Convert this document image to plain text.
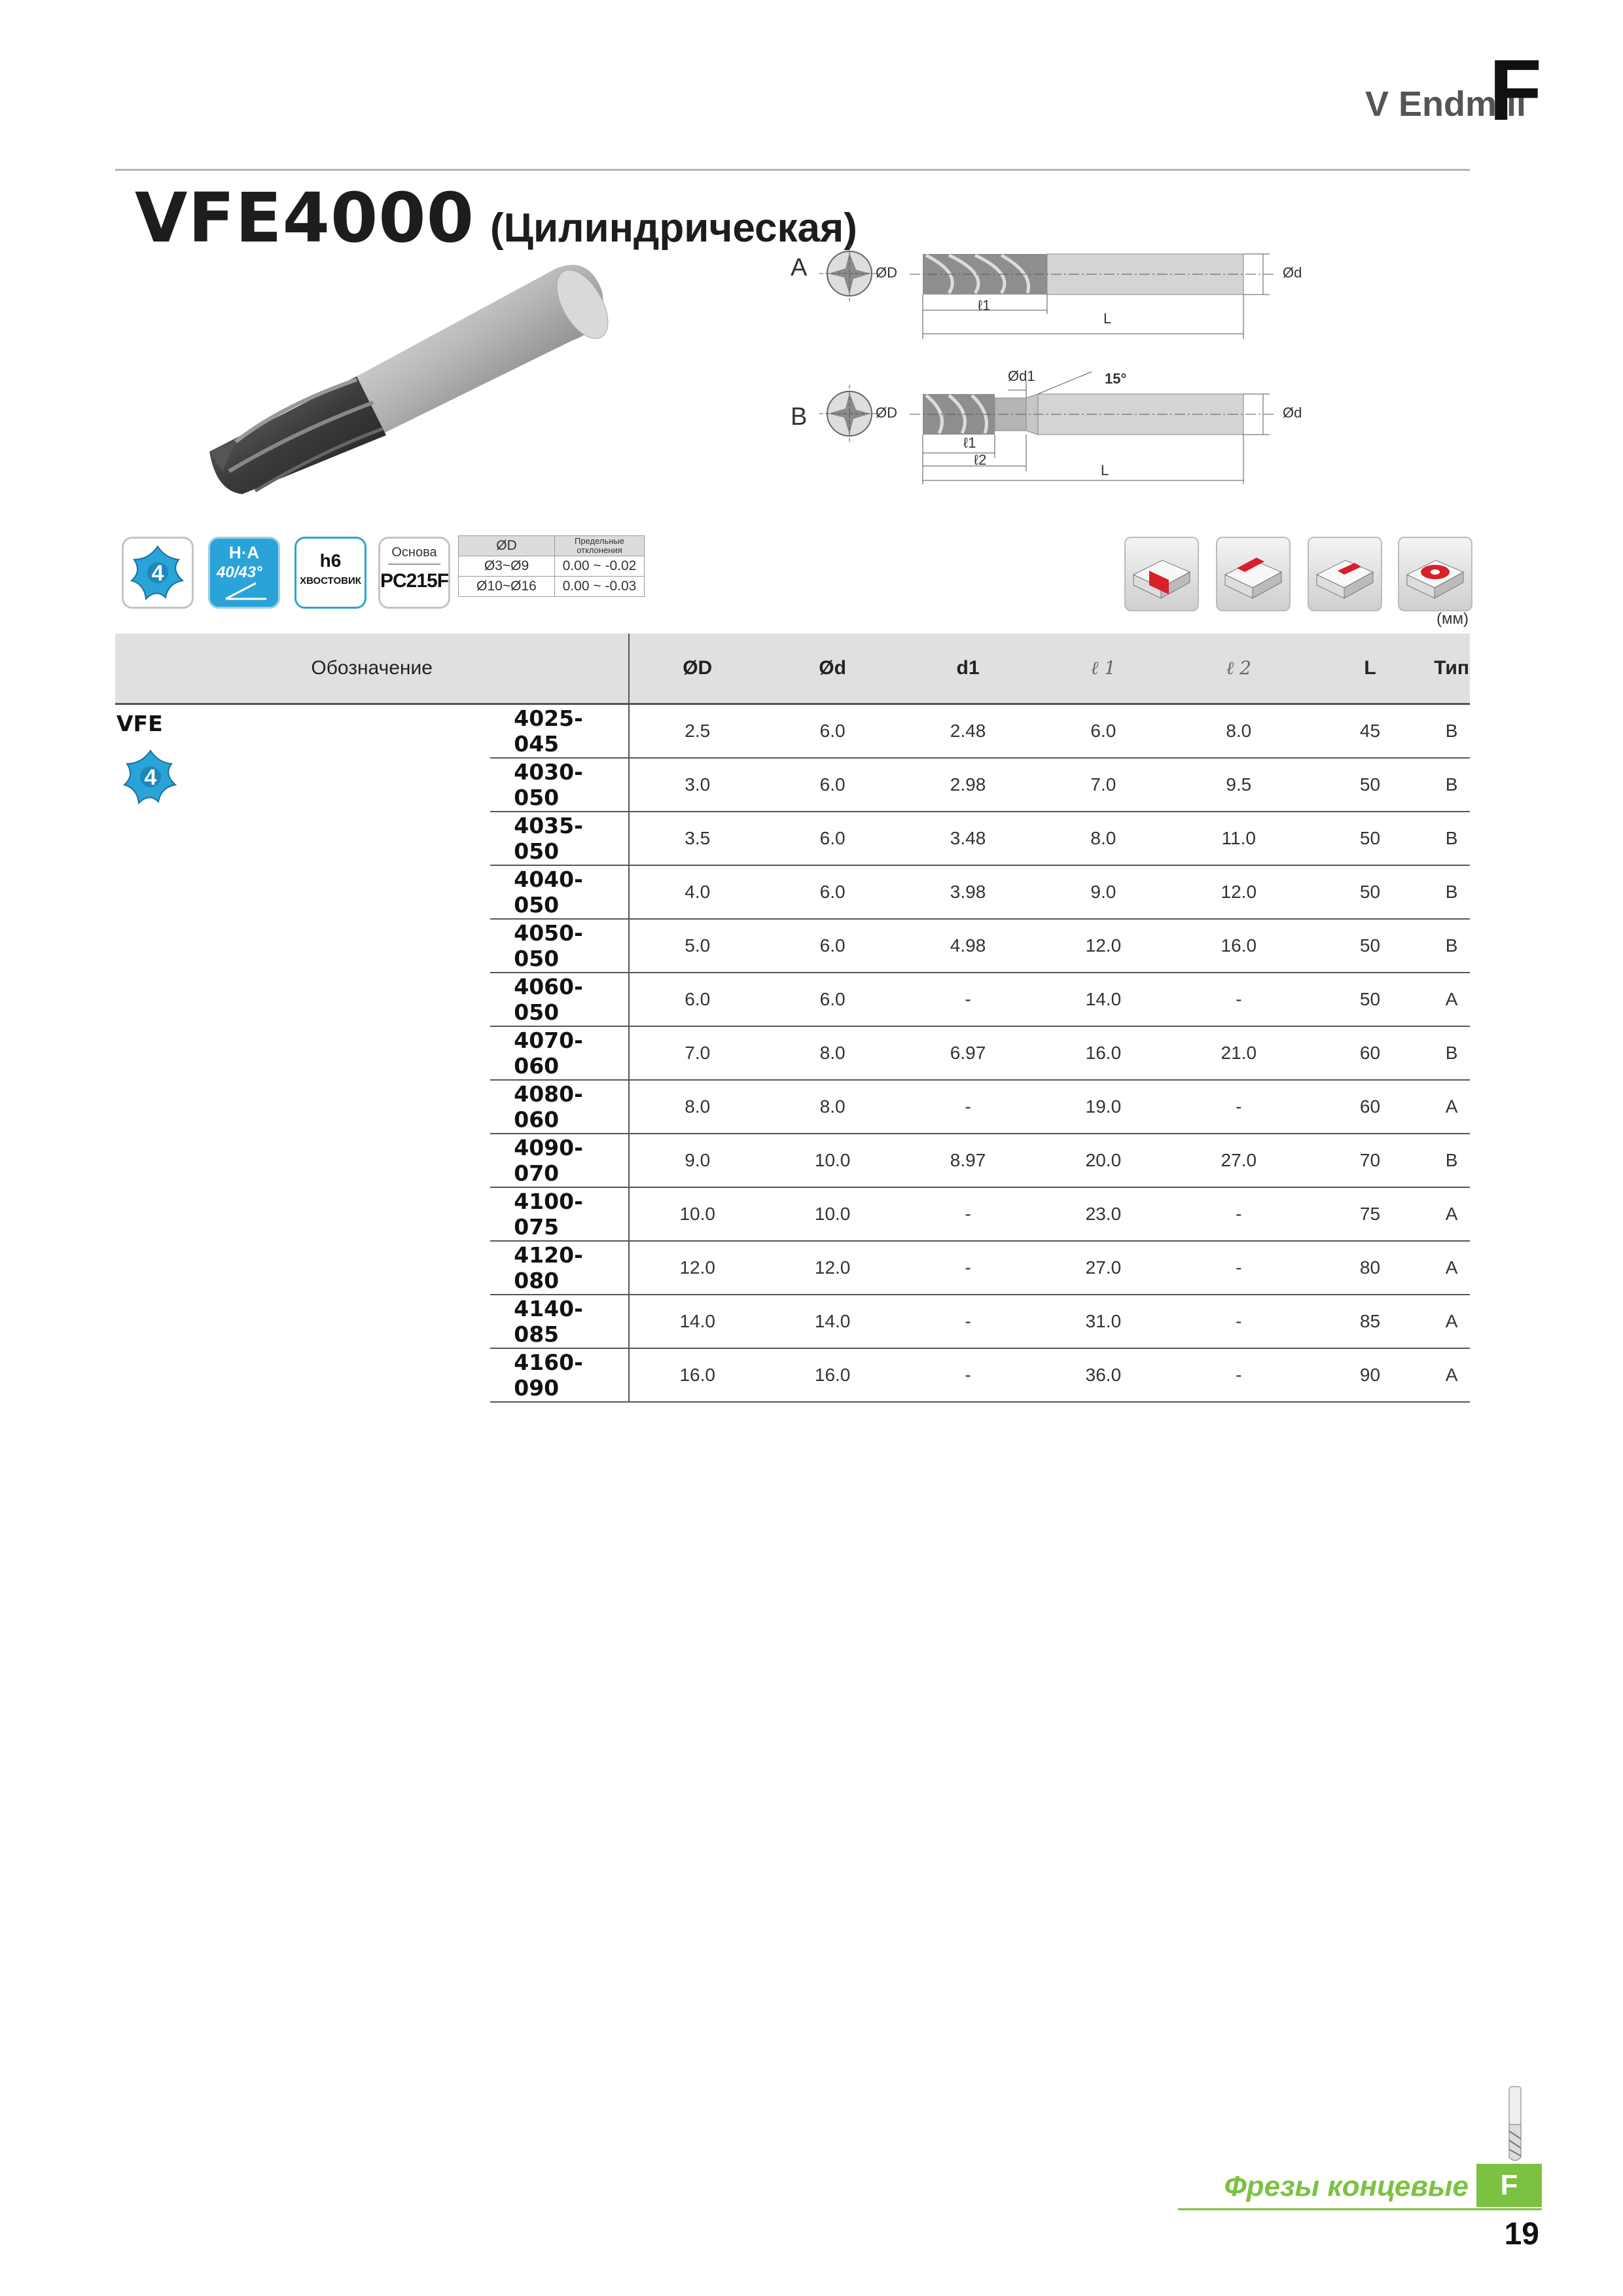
V Endmill
F
VFE4000 (Цилиндрическая)
A	ØD	Ød
ℓ1
L
B
Ød1	15°
ØD	Ød
ℓ1
ℓ2
L
4
H·A
40/43°
h6
ХВОСТОВИК
Основа
PC215F
ØD	Предельные отклонения
Ø3~Ø9	0.00 ~ -0.02
Ø10~Ø16	0.00 ~ -0.03
(мм)
Обозначение		ØD	Ød	d1	ℓ 1	ℓ 2	L	Тип

VFE
4	4025-045	2.5	6.0	2.48	6.0	8.0	45	B
	4030-050	3.0	6.0	2.98	7.0	9.5	50	B
	4035-050	3.5	6.0	3.48	8.0	11.0	50	B
	4040-050	4.0	6.0	3.98	9.0	12.0	50	B
	4050-050	5.0	6.0	4.98	12.0	16.0	50	B
	4060-050	6.0	6.0	-	14.0	-	50	A
	4070-060	7.0	8.0	6.97	16.0	21.0	60	B
	4080-060	8.0	8.0	-	19.0	-	60	A
	4090-070	9.0	10.0	8.97	20.0	27.0	70	B
	4100-075	10.0	10.0	-	23.0	-	75	A
	4120-080	12.0	12.0	-	27.0	-	80	A
	4140-085	14.0	14.0	-	31.0	-	85	A
	4160-090	16.0	16.0	-	36.0	-	90	A
Фрезы концевые	F
19
